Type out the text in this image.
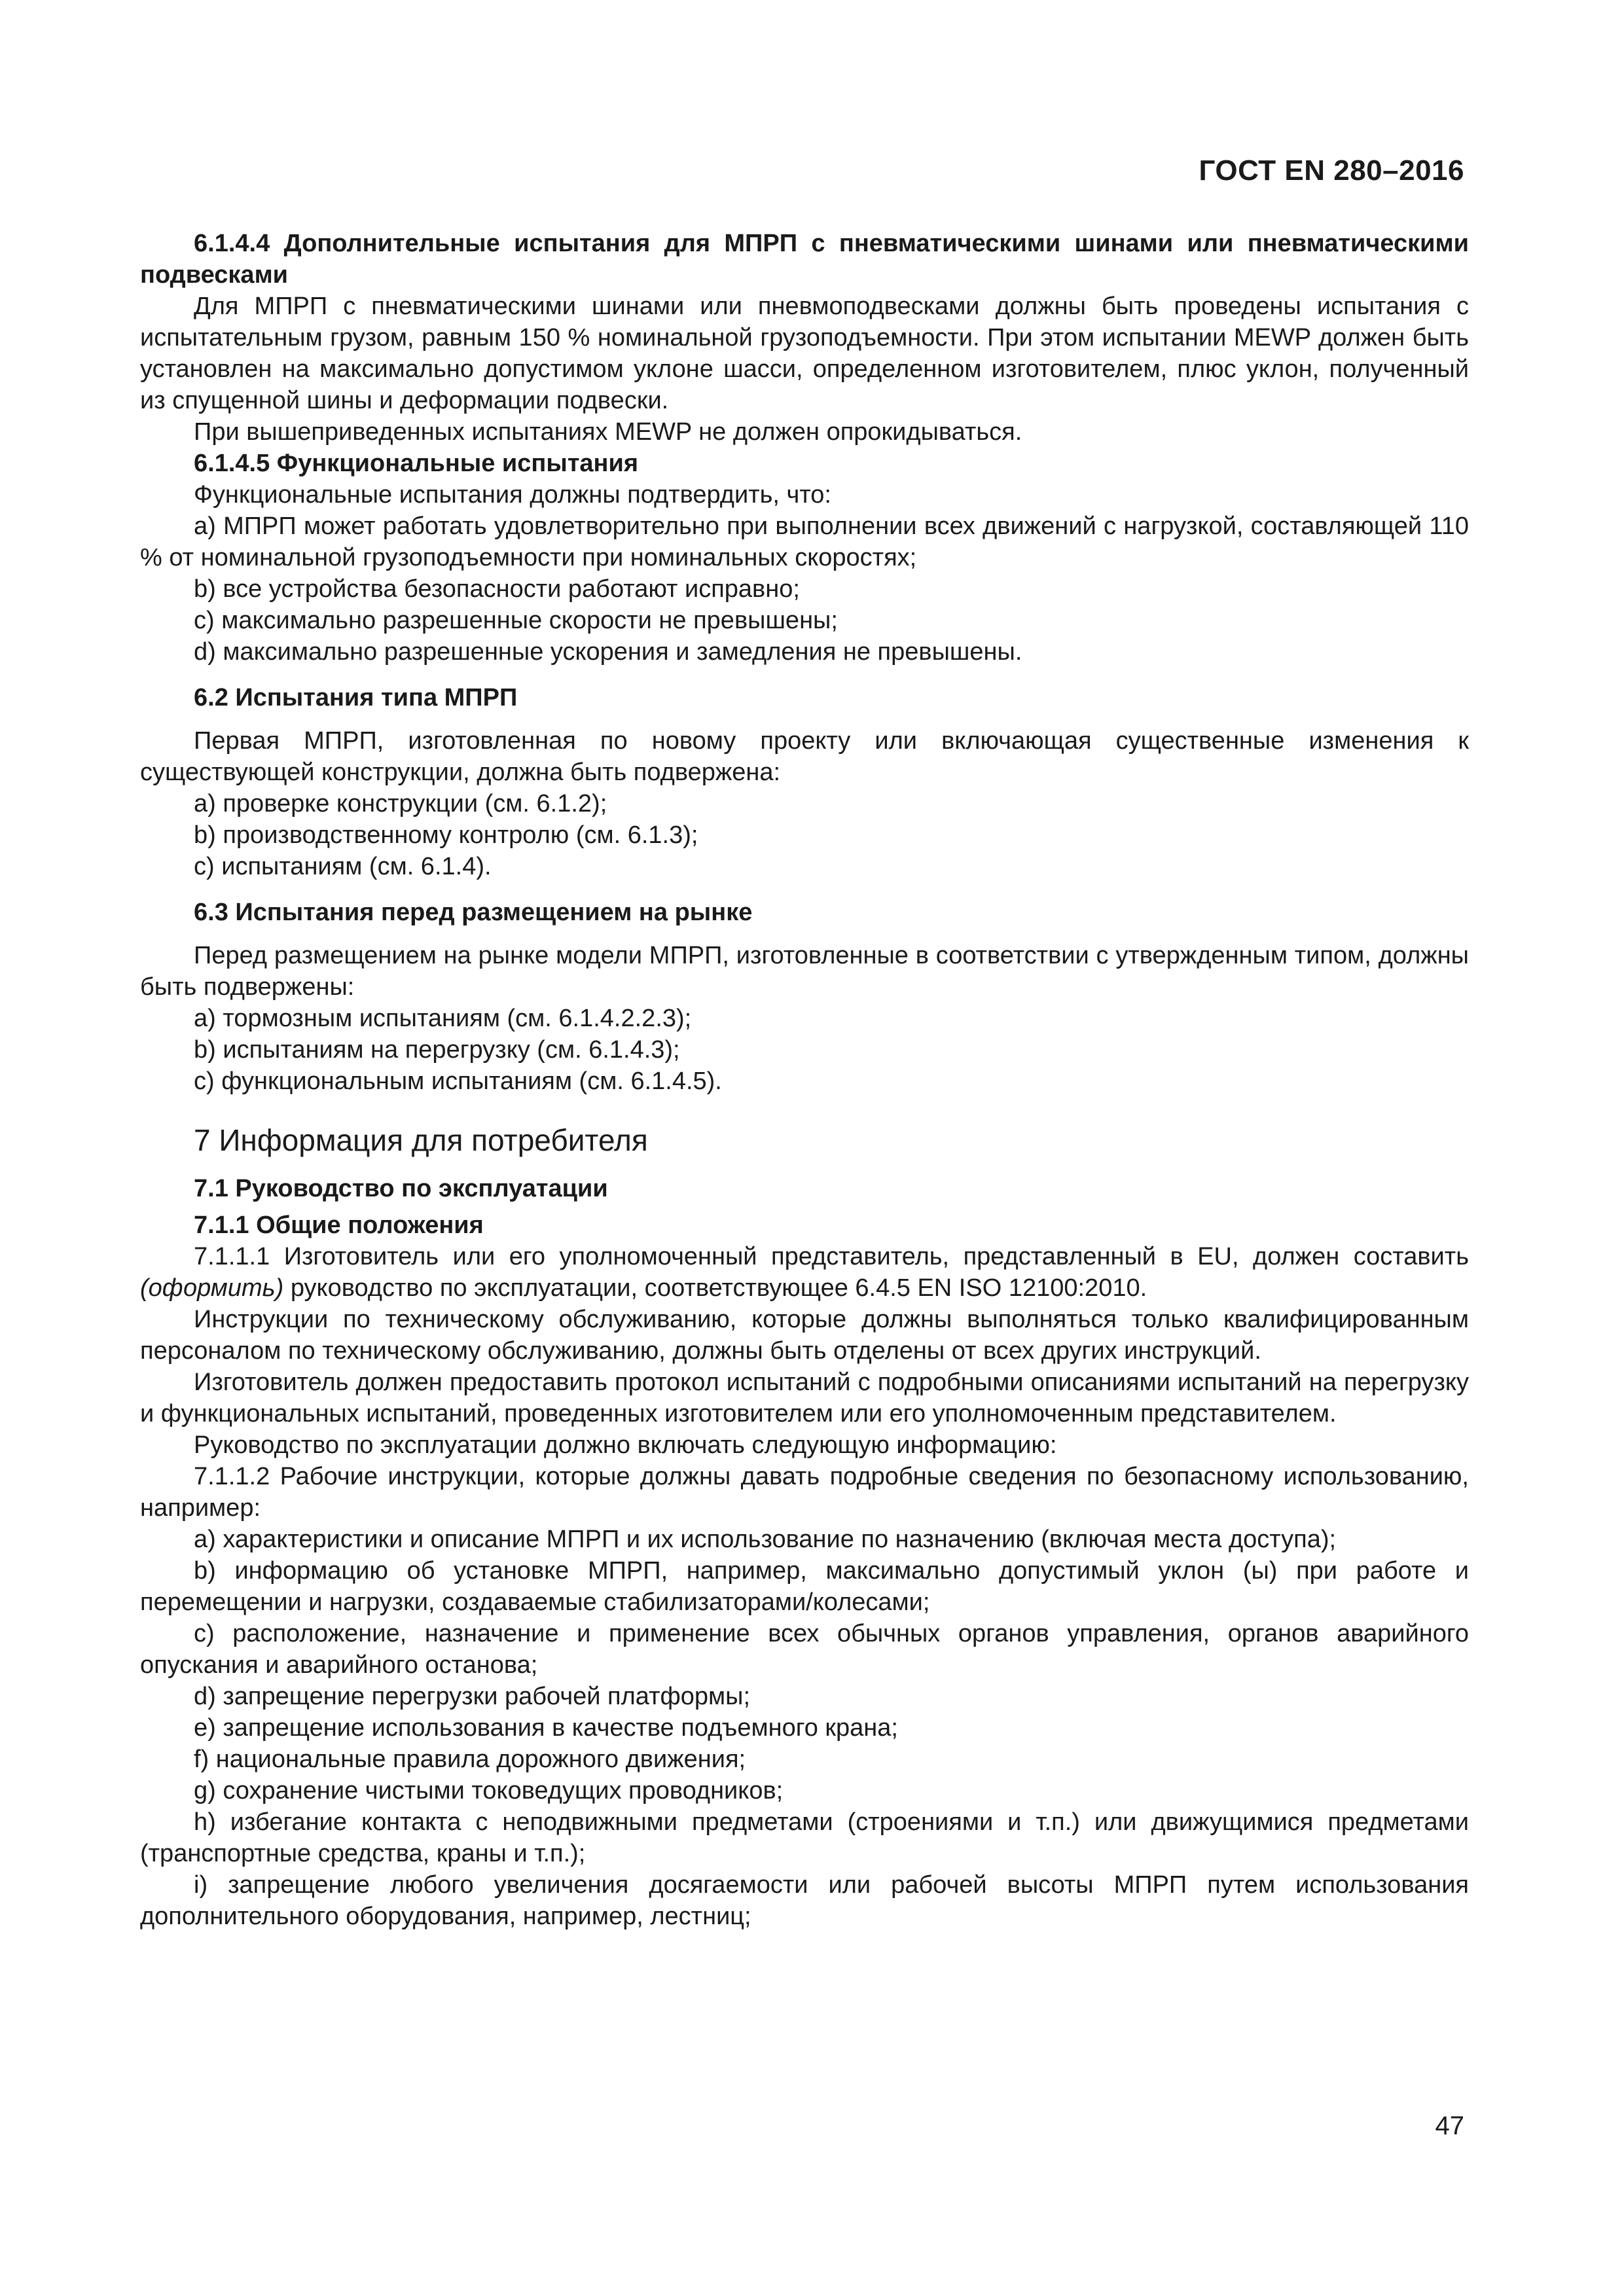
ГОСТ EN 280–2016

6.1.4.4 Дополнительные испытания для МПРП с пневматическими шинами или пневматическими подвесками

Для МПРП с пневматическими шинами или пневмоподвесками должны быть проведены испытания с испытательным грузом, равным 150 % номинальной грузоподъемности. При этом испытании MEWP должен быть установлен на максимально допустимом уклоне шасси, определенном изготовителем, плюс уклон, полученный из спущенной шины и деформации подвески.

При вышеприведенных испытаниях MEWP не должен опрокидываться.

6.1.4.5 Функциональные испытания

Функциональные испытания должны подтвердить, что:

a) МПРП может работать удовлетворительно при выполнении всех движений с нагрузкой, составляющей 110 % от номинальной грузоподъемности при номинальных скоростях;

b) все устройства безопасности работают исправно;

c) максимально разрешенные скорости не превышены;

d) максимально разрешенные ускорения и замедления не превышены.

6.2 Испытания типа МПРП

Первая МПРП, изготовленная по новому проекту или включающая существенные изменения к существующей конструкции, должна быть подвержена:

a) проверке конструкции (см. 6.1.2);

b) производственному контролю (см. 6.1.3);

c) испытаниям (см. 6.1.4).

6.3 Испытания перед размещением на рынке

Перед размещением на рынке модели МПРП, изготовленные в соответствии с утвержденным типом, должны быть подвержены:

a) тормозным испытаниям (см. 6.1.4.2.2.3);

b) испытаниям на перегрузку (см. 6.1.4.3);

c) функциональным испытаниям (см. 6.1.4.5).

7 Информация для потребителя

7.1 Руководство по эксплуатации

7.1.1 Общие положения

7.1.1.1 Изготовитель или его уполномоченный представитель, представленный в EU, должен составить (оформить) руководство по эксплуатации, соответствующее 6.4.5 EN ISO 12100:2010.

Инструкции по техническому обслуживанию, которые должны выполняться только квалифицированным персоналом по техническому обслуживанию, должны быть отделены от всех других инструкций.

Изготовитель должен предоставить протокол испытаний с подробными описаниями испытаний на перегрузку и функциональных испытаний, проведенных изготовителем или его уполномоченным представителем.

Руководство по эксплуатации должно включать следующую информацию:

7.1.1.2 Рабочие инструкции, которые должны давать подробные сведения по безопасному использованию, например:

a) характеристики и описание МПРП и их использование по назначению (включая места доступа);

b) информацию об установке МПРП, например, максимально допустимый уклон (ы) при работе и перемещении и нагрузки, создаваемые стабилизаторами/колесами;

c) расположение, назначение и применение всех обычных органов управления, органов аварийного опускания и аварийного останова;

d) запрещение перегрузки рабочей платформы;

e) запрещение использования в качестве подъемного крана;

f) национальные правила дорожного движения;

g) сохранение чистыми токоведущих проводников;

h) избегание контакта с неподвижными предметами (строениями и т.п.) или движущимися предметами (транспортные средства, краны и т.п.);

i) запрещение любого увеличения досягаемости или рабочей высоты МПРП путем использования дополнительного оборудования, например, лестниц;

47
